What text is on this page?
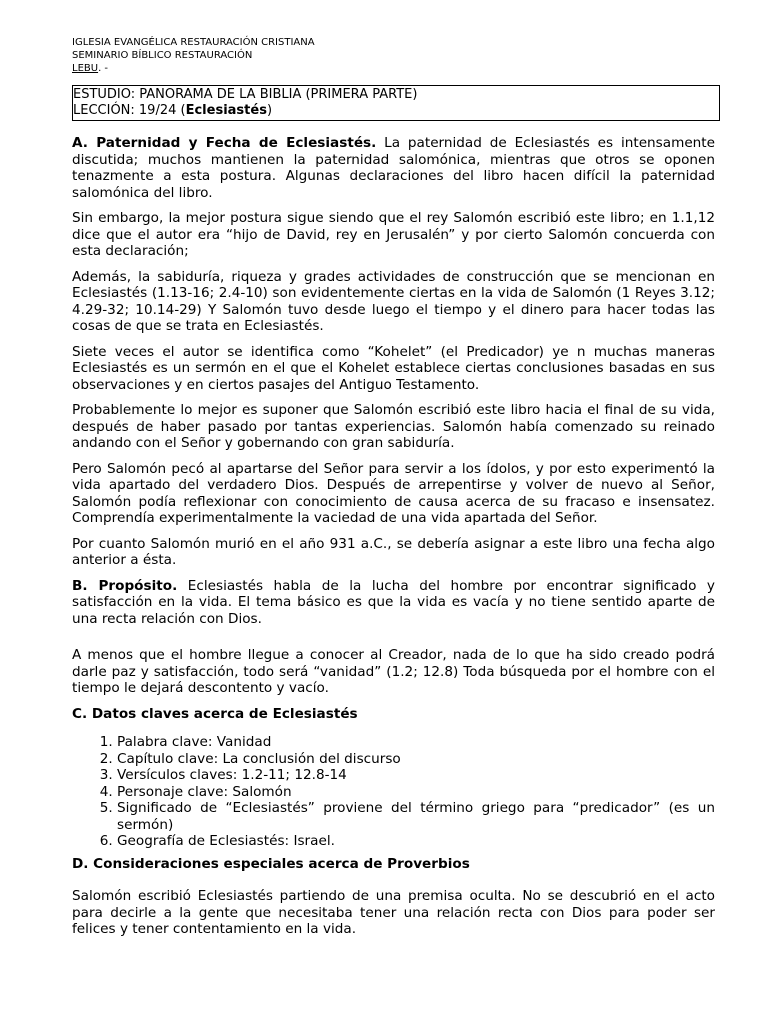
IGLESIA EVANGÉLICA RESTAURACIÓN CRISTIANA
SEMINARIO BÍBLICO RESTAURACIÓN
LEBU. -
ESTUDIO: PANORAMA DE LA BIBLIA (PRIMERA PARTE)
LECCIÓN: 19/24 (Eclesiastés)

A. Paternidad y Fecha de Eclesiastés. La paternidad de Eclesiastés es intensamente discutida; muchos mantienen la paternidad salomónica, mientras que otros se oponen tenazmente a esta postura. Algunas declaraciones del libro hacen difícil la paternidad salomónica del libro.

Sin embargo, la mejor postura sigue siendo que el rey Salomón escribió este libro; en 1.1,12 dice que el autor era “hijo de David, rey en Jerusalén” y por cierto Salomón concuerda con esta declaración;

Además, la sabiduría, riqueza y grades actividades de construcción que se mencionan en Eclesiastés (1.13-16; 2.4-10) son evidentemente ciertas en la vida de Salomón (1 Reyes 3.12; 4.29-32; 10.14-29) Y Salomón tuvo desde luego el tiempo y el dinero para hacer todas las cosas de que se trata en Eclesiastés.

Siete veces el autor se identifica como “Kohelet” (el Predicador) ye n muchas maneras Eclesiastés es un sermón en el que el Kohelet establece ciertas conclusiones basadas en sus observaciones y en ciertos pasajes del Antiguo Testamento.

Probablemente lo mejor es suponer que Salomón escribió este libro hacia el final de su vida, después de haber pasado por tantas experiencias. Salomón había comenzado su reinado andando con el Señor y gobernando con gran sabiduría.

Pero Salomón pecó al apartarse del Señor para servir a los ídolos, y por esto experimentó la vida apartado del verdadero Dios. Después de arrepentirse y volver de nuevo al Señor, Salomón podía reflexionar con conocimiento de causa acerca de su fracaso e insensatez. Comprendía experimentalmente la vaciedad de una vida apartada del Señor.

Por cuanto Salomón murió en el año 931 a.C., se debería asignar a este libro una fecha algo anterior a ésta.

B. Propósito. Eclesiastés habla de la lucha del hombre por encontrar significado y satisfacción en la vida. El tema básico es que la vida es vacía y no tiene sentido aparte de una recta relación con Dios.

A menos que el hombre llegue a conocer al Creador, nada de lo que ha sido creado podrá darle paz y satisfacción, todo será “vanidad” (1.2; 12.8) Toda búsqueda por el hombre con el tiempo le dejará descontento y vacío.

C. Datos claves acerca de Eclesiastés
1. Palabra clave: Vanidad
2. Capítulo clave: La conclusión del discurso
3. Versículos claves: 1.2-11; 12.8-14
4. Personaje clave: Salomón
5. Significado de “Eclesiastés” proviene del término griego para “predicador” (es un sermón)
6. Geografía de Eclesiastés: Israel.
D. Consideraciones especiales acerca de Proverbios

Salomón escribió Eclesiastés partiendo de una premisa oculta. No se descubrió en el acto para decirle a la gente que necesitaba tener una relación recta con Dios para poder ser felices y tener contentamiento en la vida.
